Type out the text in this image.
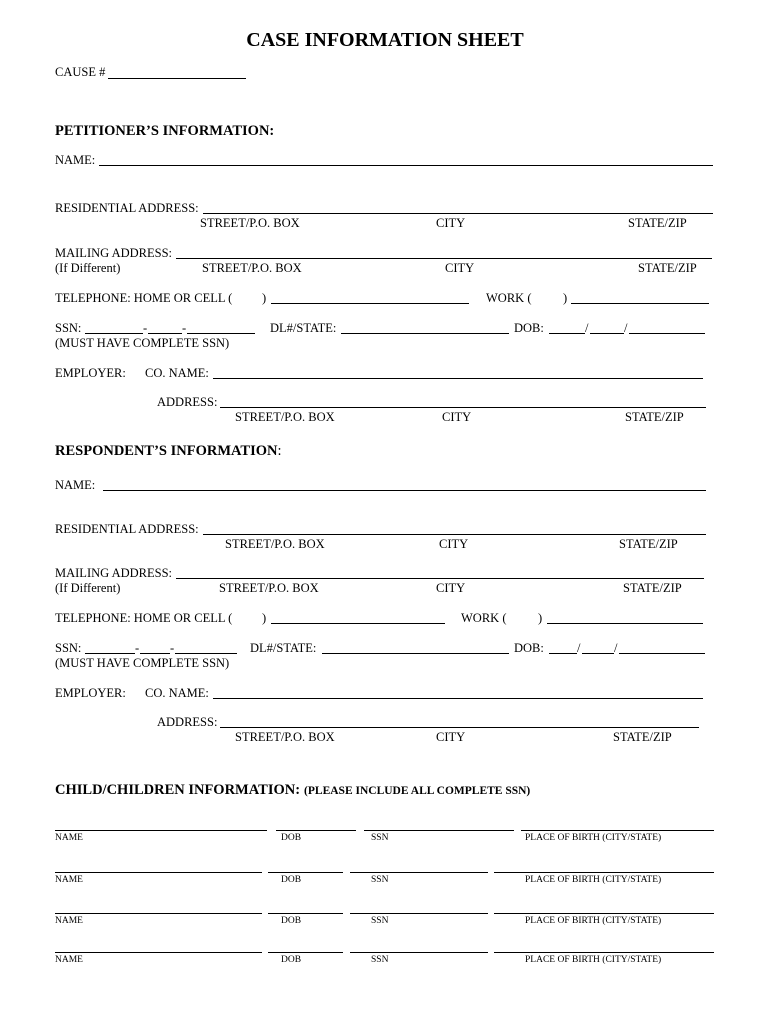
CASE INFORMATION SHEET
CAUSE #
PETITIONER’S INFORMATION:
NAME:
RESIDENTIAL ADDRESS:
STREET/P.O. BOX	CITY	STATE/ZIP
MAILING ADDRESS:
(If Different)	STREET/P.O. BOX	CITY	STATE/ZIP
TELEPHONE: HOME OR CELL ( )	WORK (	)
SSN:	-	-	DL#/STATE:	DOB:	/	/
(MUST HAVE COMPLETE SSN)
EMPLOYER: CO. NAME:
ADDRESS:
STREET/P.O. BOX	CITY	STATE/ZIP
RESPONDENT’S INFORMATION:
NAME:
RESIDENTIAL ADDRESS:
STREET/P.O. BOX	CITY	STATE/ZIP
MAILING ADDRESS:
(If Different)	STREET/P.O. BOX	CITY	STATE/ZIP
TELEPHONE: HOME OR CELL ( )	WORK (	)
SSN:	- -	DL#/STATE:	DOB:	/	/
(MUST HAVE COMPLETE SSN)
EMPLOYER: CO. NAME:
ADDRESS:
STREET/P.O. BOX	CITY	STATE/ZIP
CHILD/CHILDREN INFORMATION: (PLEASE INCLUDE ALL COMPLETE SSN)
NAME	DOB	SSN	PLACE OF BIRTH (CITY/STATE)
NAME	DOB	SSN	PLACE OF BIRTH (CITY/STATE)
NAME	DOB	SSN	PLACE OF BIRTH (CITY/STATE)
NAME	DOB	SSN	PLACE OF BIRTH (CITY/STATE)
